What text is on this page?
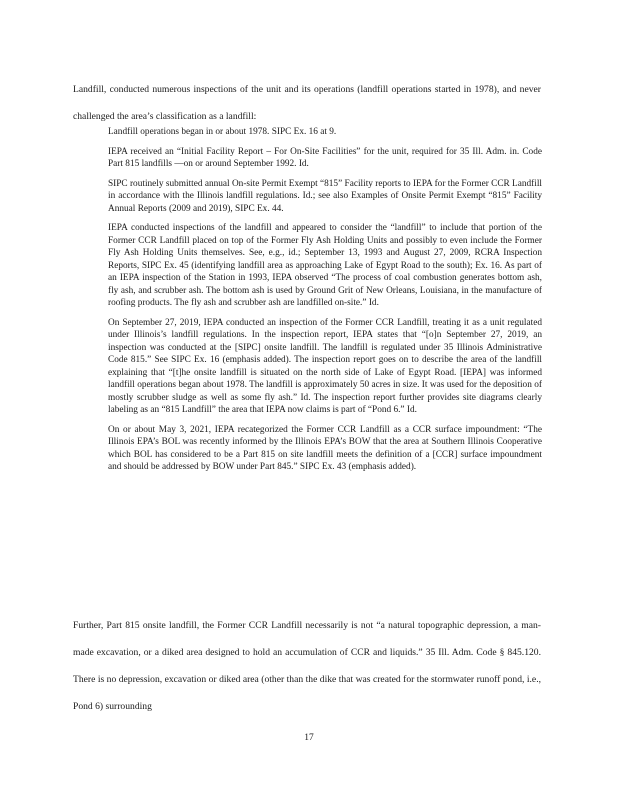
Landfill, conducted numerous inspections of the unit and its operations (landfill operations started in 1978), and never challenged the area’s classification as a landfill:

Landfill operations began in or about 1978. SIPC Ex. 16 at 9.
IEPA received an “Initial Facility Report – For On-Site Facilities” for the unit, required for 35 Ill. Adm. in. Code Part 815 landfills —on or around September 1992. Id.
SIPC routinely submitted annual On-site Permit Exempt “815” Facility reports to IEPA for the Former CCR Landfill in accordance with the Illinois landfill regulations. Id.; see also Examples of Onsite Permit Exempt “815” Facility Annual Reports (2009 and 2019), SIPC Ex. 44.
IEPA conducted inspections of the landfill and appeared to consider the “landfill” to include that portion of the Former CCR Landfill placed on top of the Former Fly Ash Holding Units and possibly to even include the Former Fly Ash Holding Units themselves. See, e.g., id.; September 13, 1993 and August 27, 2009, RCRA Inspection Reports, SIPC Ex. 45 (identifying landfill area as approaching Lake of Egypt Road to the south); Ex. 16. As part of an IEPA inspection of the Station in 1993, IEPA observed “The process of coal combustion generates bottom ash, fly ash, and scrubber ash. The bottom ash is used by Ground Grit of New Orleans, Louisiana, in the manufacture of roofing products. The fly ash and scrubber ash are landfilled on-site.” Id.
On September 27, 2019, IEPA conducted an inspection of the Former CCR Landfill, treating it as a unit regulated under Illinois’s landfill regulations. In the inspection report, IEPA states that “[o]n September 27, 2019, an inspection was conducted at the [SIPC] onsite landfill. The landfill is regulated under 35 Illinois Administrative Code 815.” See SIPC Ex. 16 (emphasis added). The inspection report goes on to describe the area of the landfill explaining that “[t]he onsite landfill is situated on the north side of Lake of Egypt Road. [IEPA] was informed landfill operations began about 1978. The landfill is approximately 50 acres in size. It was used for the deposition of mostly scrubber sludge as well as some fly ash.” Id. The inspection report further provides site diagrams clearly labeling as an “815 Landfill” the area that IEPA now claims is part of “Pond 6.” Id.
On or about May 3, 2021, IEPA recategorized the Former CCR Landfill as a CCR surface impoundment: “The Illinois EPA’s BOL was recently informed by the Illinois EPA’s BOW that the area at Southern Illinois Cooperative which BOL has considered to be a Part 815 on site landfill meets the definition of a [CCR] surface impoundment and should be addressed by BOW under Part 845.” SIPC Ex. 43 (emphasis added).

Further, Part 815 onsite landfill, the Former CCR Landfill necessarily is not “a natural topographic depression, a man-made excavation, or a diked area designed to hold an accumulation of CCR and liquids.” 35 Ill. Adm. Code § 845.120. There is no depression, excavation or diked area (other than the dike that was created for the stormwater runoff pond, i.e., Pond 6) surrounding

17
